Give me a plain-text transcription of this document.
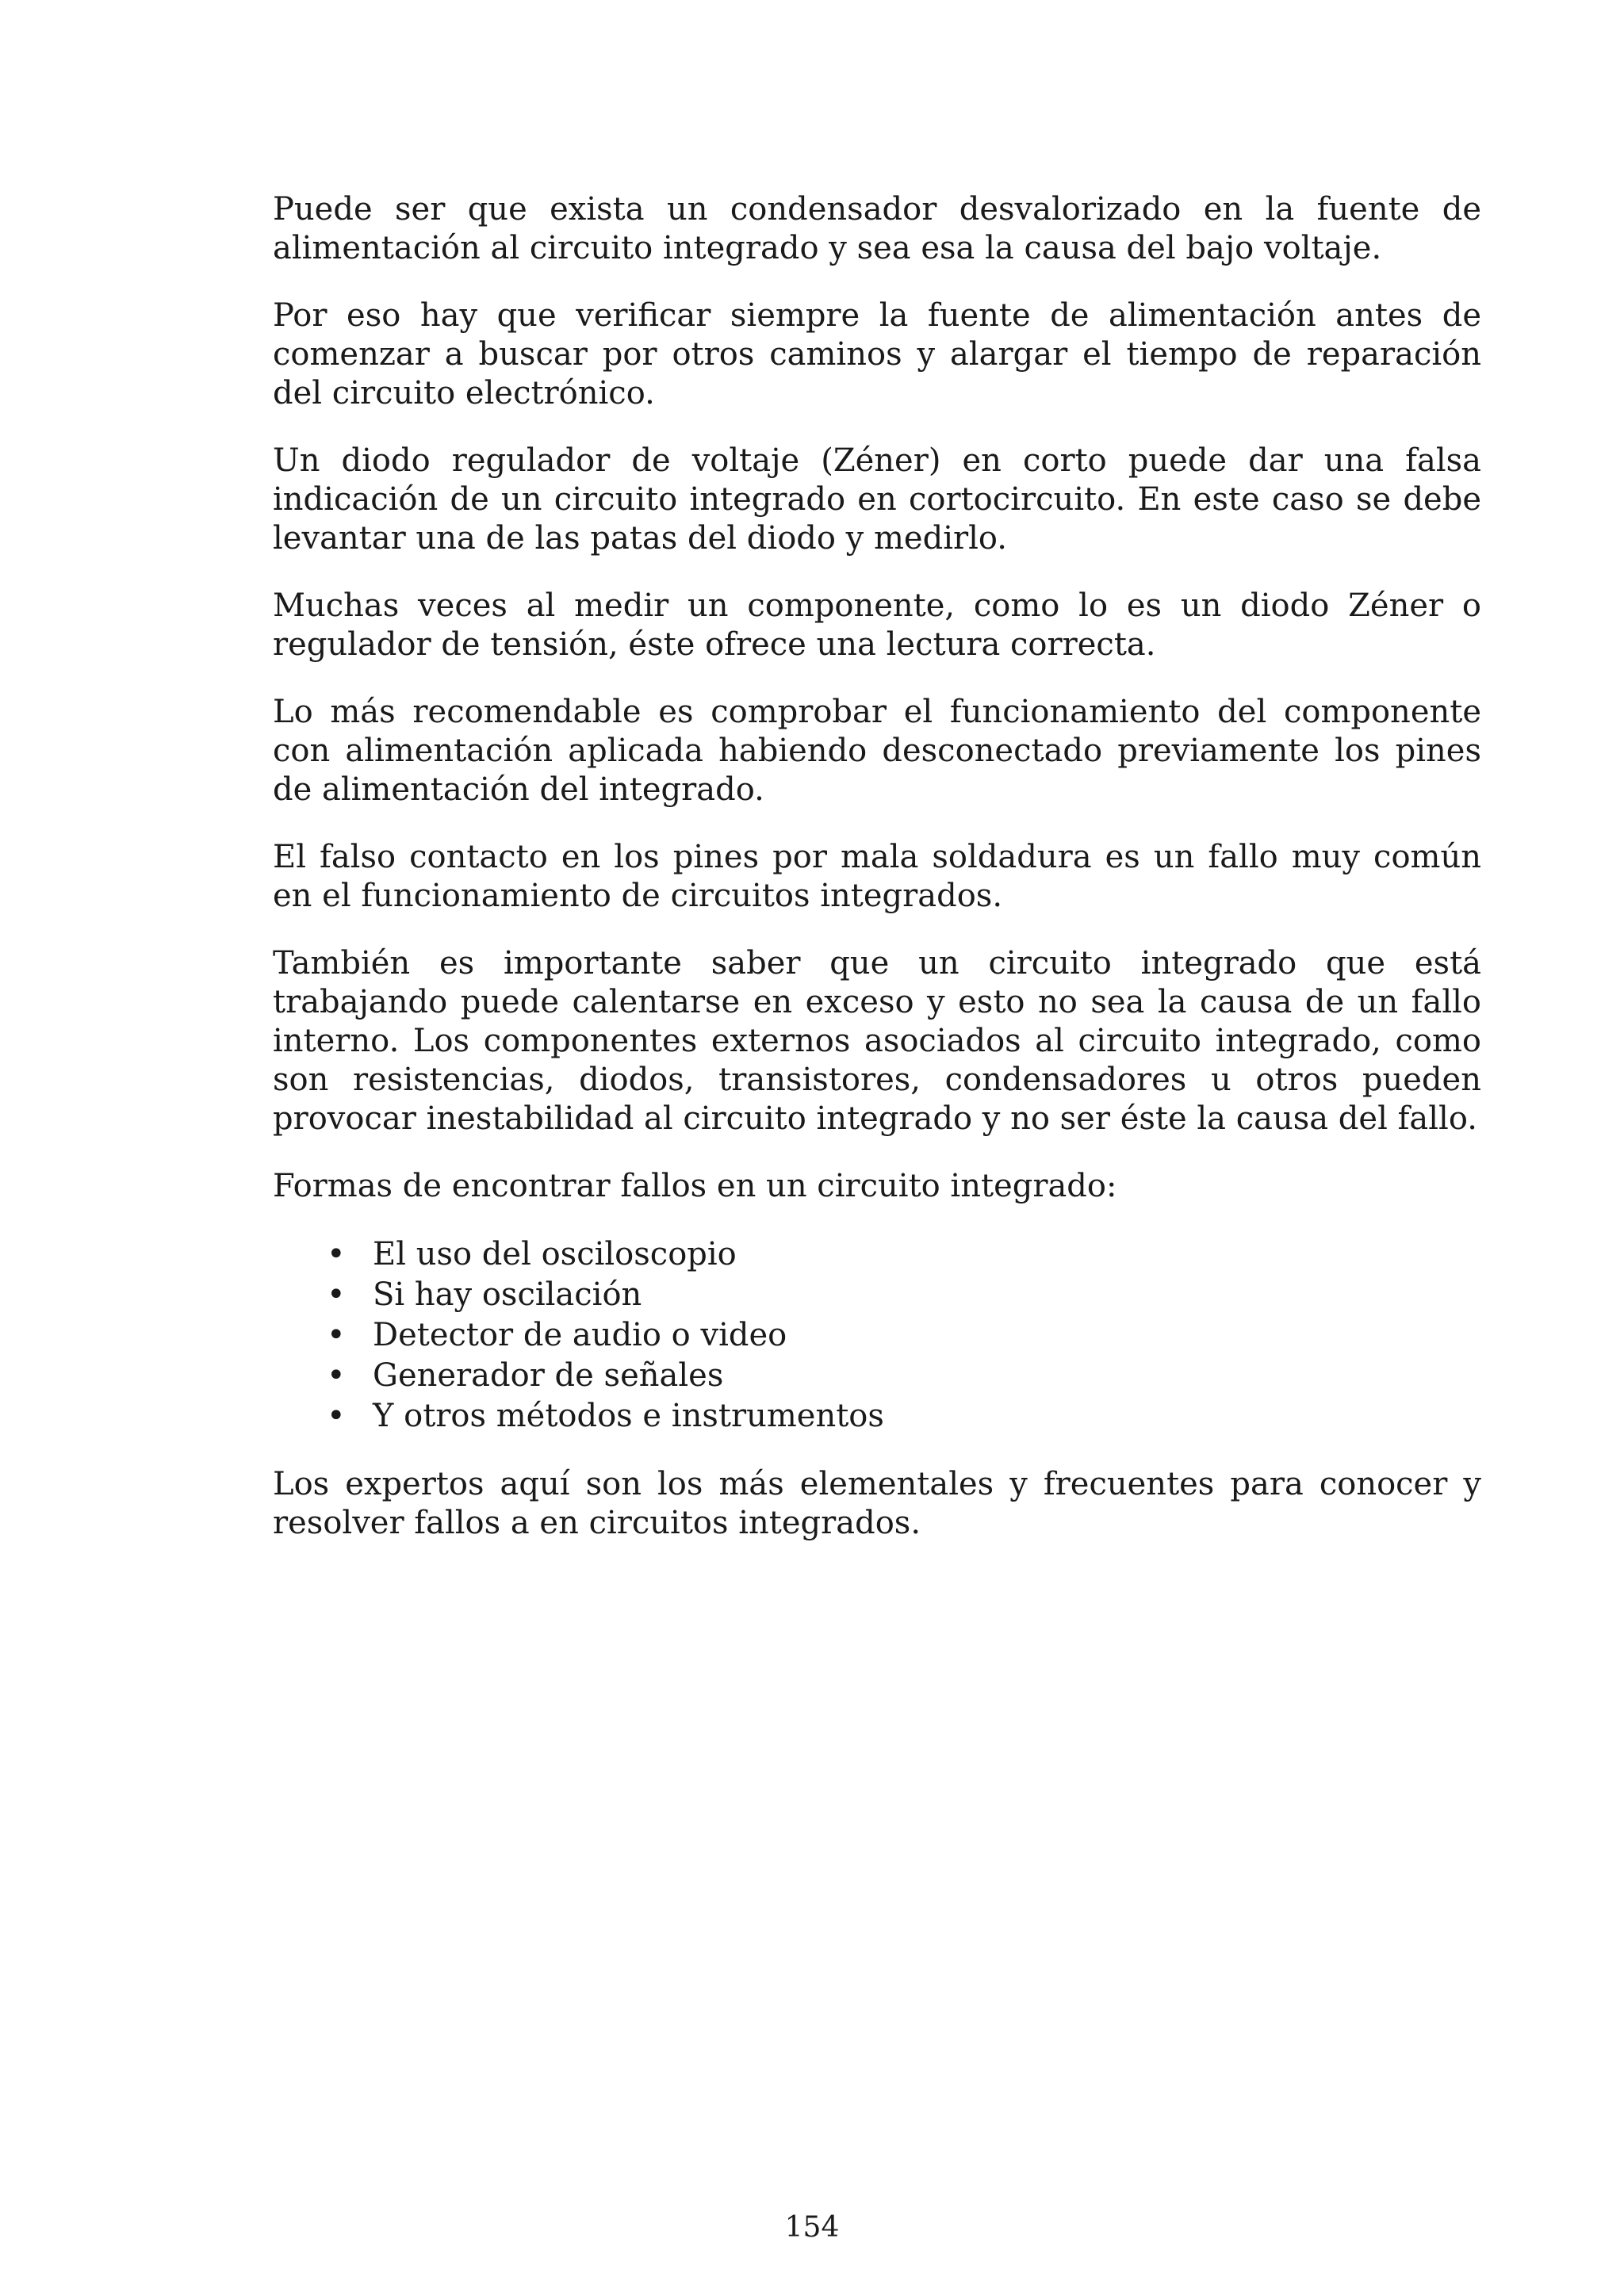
Puede ser que exista un condensador desvalorizado en la fuente de alimentación al circuito integrado y sea esa la causa del bajo voltaje.

Por eso hay que verificar siempre la fuente de alimentación antes de comenzar a buscar por otros caminos y alargar el tiempo de reparación del circuito electrónico.

Un diodo regulador de voltaje (Zéner) en corto puede dar una falsa indicación de un circuito integrado en cortocircuito. En este caso se debe levantar una de las patas del diodo y medirlo.

Muchas veces al medir un componente, como lo es un diodo Zéner o regulador de tensión, éste ofrece una lectura correcta.

Lo más recomendable es comprobar el funcionamiento del componente con alimentación aplicada habiendo desconectado previamente los pines de alimentación del integrado.

El falso contacto en los pines por mala soldadura es un fallo muy común en el funcionamiento de circuitos integrados.

También es importante saber que un circuito integrado que está trabajando puede calentarse en exceso y esto no sea la causa de un fallo interno. Los componentes externos asociados al circuito integrado, como son resistencias, diodos, transistores, condensadores u otros pueden provocar inestabilidad al circuito integrado y no ser éste la causa del fallo.

Formas de encontrar fallos en un circuito integrado:

• El uso del osciloscopio
• Si hay oscilación
• Detector de audio o video
• Generador de señales
• Y otros métodos e instrumentos

Los expertos aquí son los más elementales y frecuentes para conocer y resolver fallos a en circuitos integrados.

154
